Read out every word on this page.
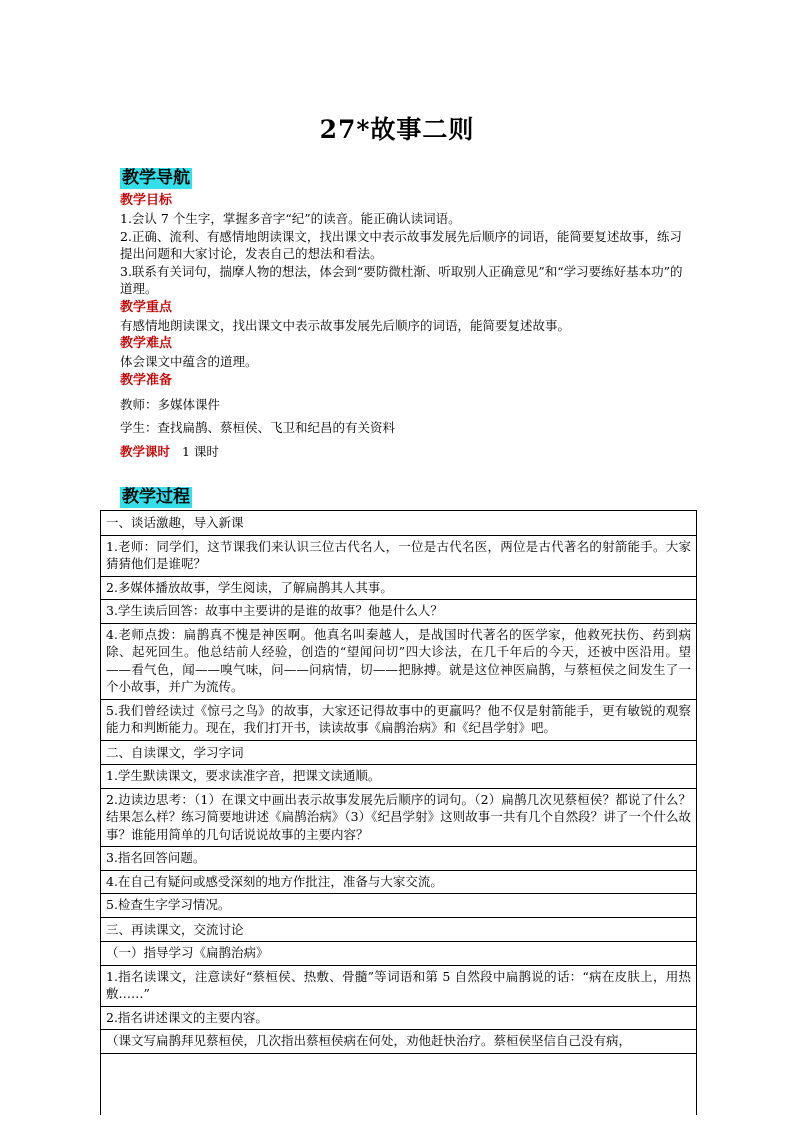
27*故事二则
教学导航
教学目标

1.会认 7 个生字，掌握多音字“纪”的读音。能正确认读词语。

2.正确、流利、有感情地朗读课文，找出课文中表示故事发展先后顺序的词语，能简要复述故事，练习提出问题和大家讨论，发表自己的想法和看法。

3.联系有关词句，揣摩人物的想法，体会到“要防微杜渐、听取别人正确意见”和“学习要练好基本功”的道理。

教学重点

有感情地朗读课文，找出课文中表示故事发展先后顺序的词语，能简要复述故事。

教学难点

体会课文中蕴含的道理。

教学准备

教师：多媒体课件

学生：查找扁鹊、蔡桓侯、飞卫和纪昌的有关资料

教学课时 1 课时

教学过程
一、谈话激趣，导入新课
1.老师：同学们，这节课我们来认识三位古代名人，一位是古代名医，两位是古代著名的射箭能手。大家猜猜他们是谁呢？
2.多媒体播放故事，学生阅读，了解扁鹊其人其事。
3.学生读后回答：故事中主要讲的是谁的故事？他是什么人？
4.老师点拨：扁鹊真不愧是神医啊。他真名叫秦越人，是战国时代著名的医学家，他救死扶伤、药到病除、起死回生。他总结前人经验，创造的“望闻问切”四大诊法，在几千年后的今天，还被中医沿用。望——看气色，闻——嗅气味，问——问病情，切——把脉搏。就是这位神医扁鹊，与蔡桓侯之间发生了一个小故事，并广为流传。
5.我们曾经读过《惊弓之鸟》的故事，大家还记得故事中的更羸吗？他不仅是射箭能手，更有敏锐的观察能力和判断能力。现在，我们打开书，读读故事《扁鹊治病》和《纪昌学射》吧。
二、自读课文，学习字词
1.学生默读课文，要求读准字音，把课文读通顺。
2.边读边思考：（1）在课文中画出表示故事发展先后顺序的词句。（2）扁鹊几次见蔡桓侯？都说了什么？结果怎么样？练习简要地讲述《扁鹊治病》（3）《纪昌学射》这则故事一共有几个自然段？讲了一个什么故事？谁能用简单的几句话说说故事的主要内容？
3.指名回答问题。
4.在自己有疑问或感受深刻的地方作批注，准备与大家交流。
5.检查生字学习情况。
三、再读课文，交流讨论
（一）指导学习《扁鹊治病》
1.指名读课文，注意读好“蔡桓侯、热敷、骨髓”等词语和第 5 自然段中扁鹊说的话：“病在皮肤上，用热敷……”
2.指名讲述课文的主要内容。
（课文写扁鹊拜见蔡桓侯，几次指出蔡桓侯病在何处，劝他赶快治疗。蔡桓侯坚信自己没有病，
